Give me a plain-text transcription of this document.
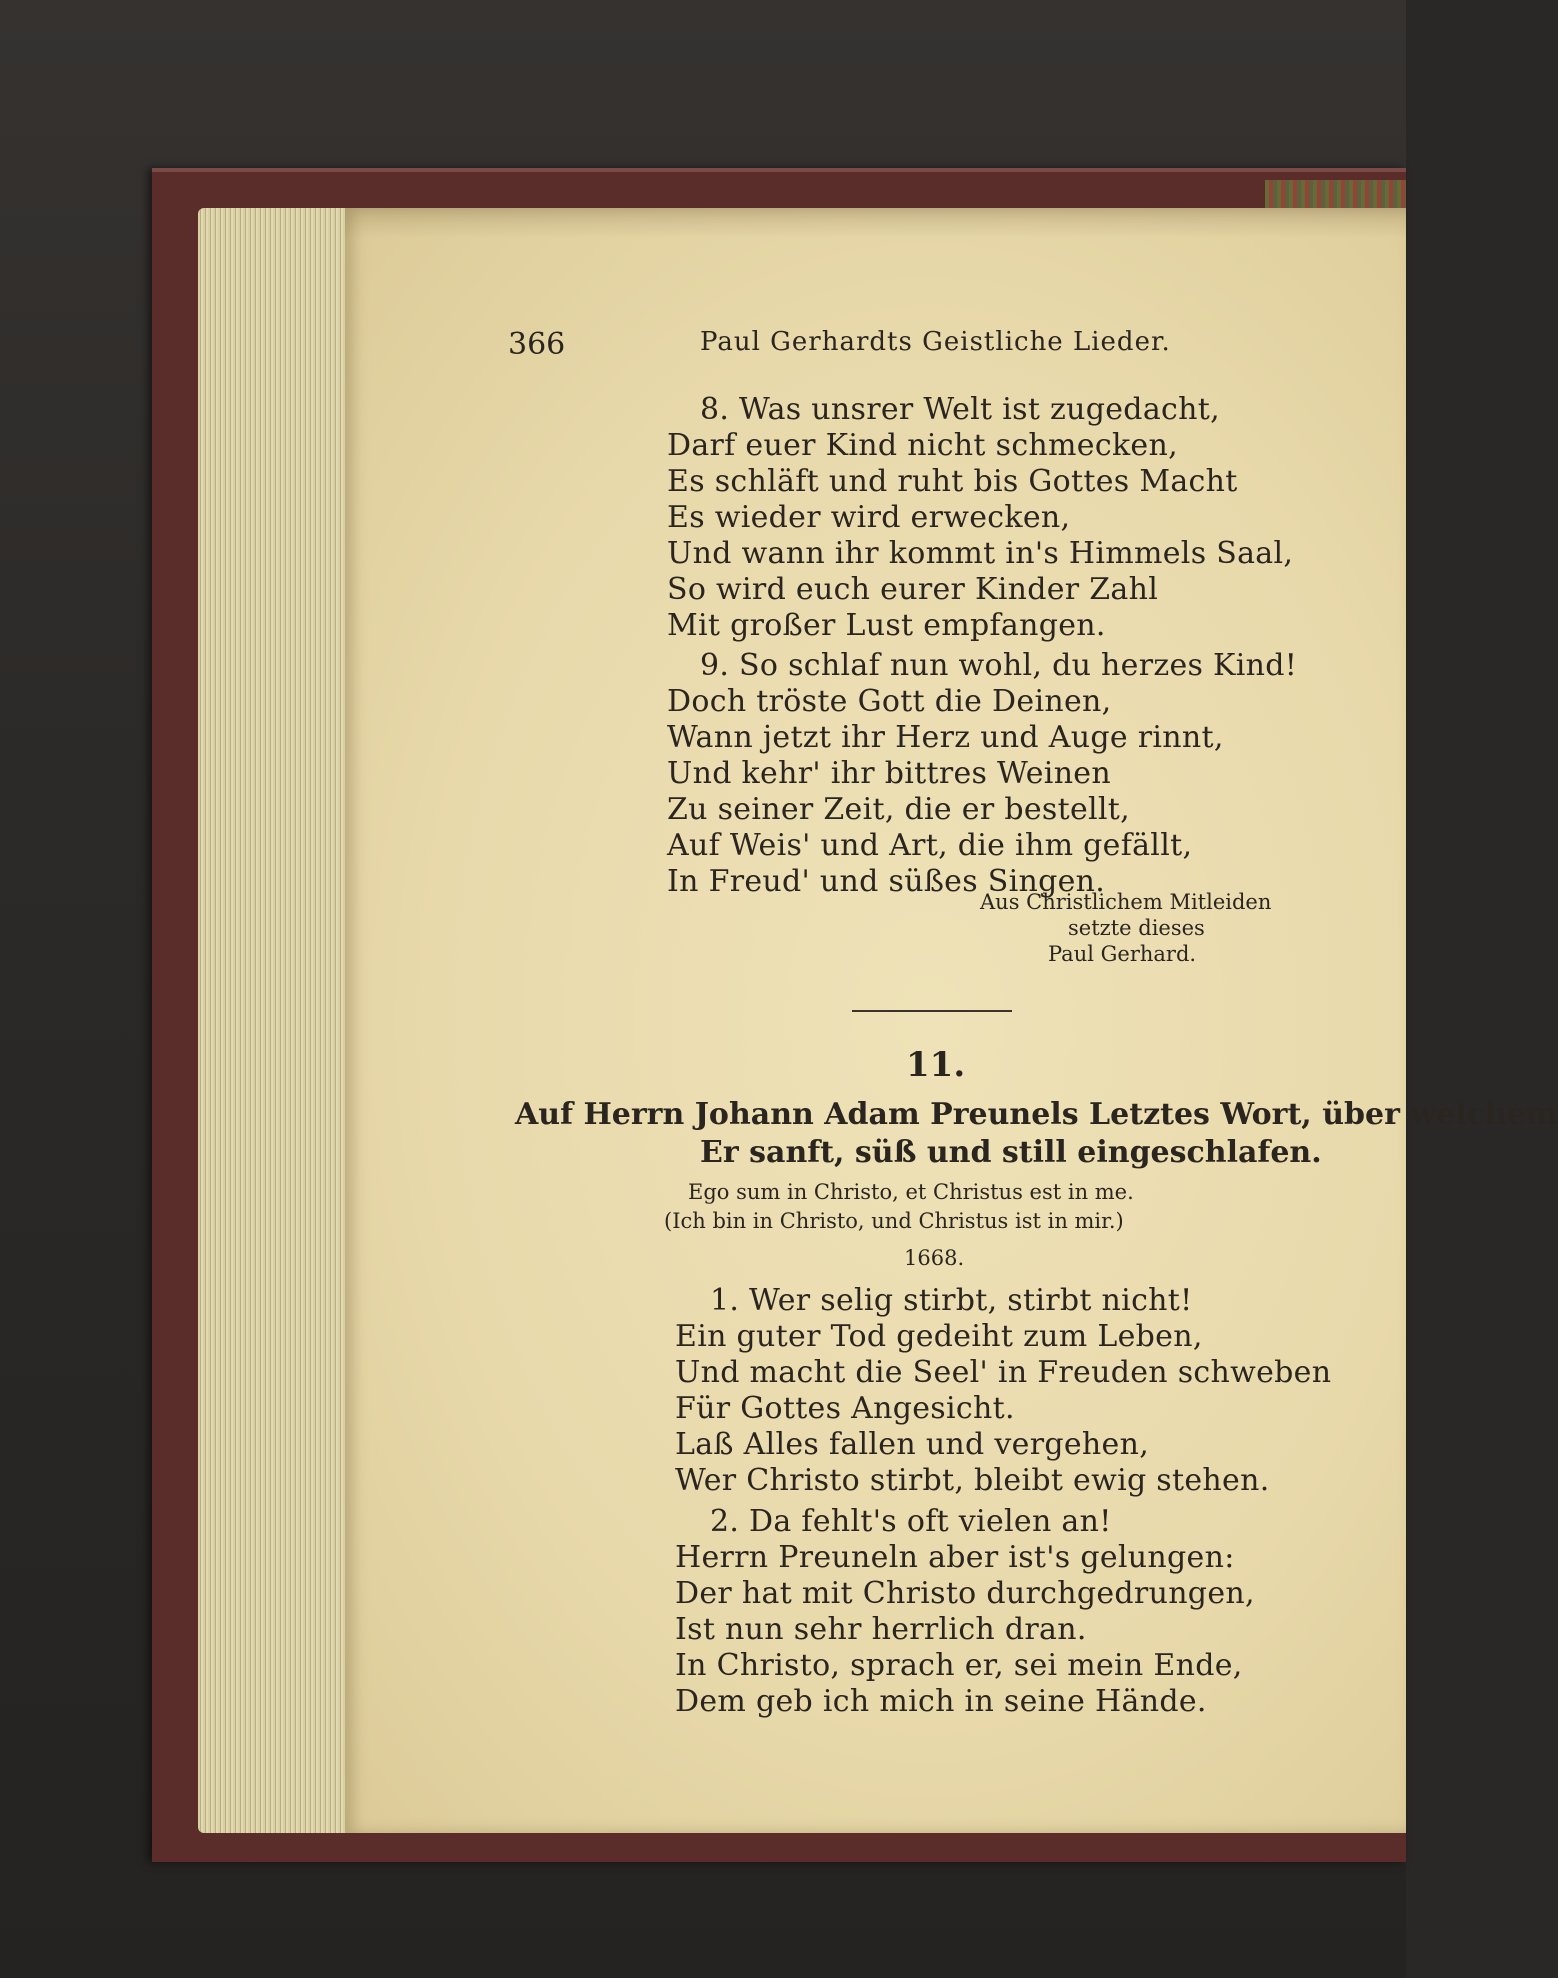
366	Paul Gerhardts Geistliche Lieder.
8. Was unsrer Welt ist zugedacht,
Darf euer Kind nicht schmecken,
Es schläft und ruht bis Gottes Macht
Es wieder wird erwecken,
Und wann ihr kommt in's Himmels Saal,
So wird euch eurer Kinder Zahl
Mit großer Lust empfangen.
9. So schlaf nun wohl, du herzes Kind!
Doch tröste Gott die Deinen,
Wann jetzt ihr Herz und Auge rinnt,
Und kehr' ihr bittres Weinen
Zu seiner Zeit, die er bestellt,
Auf Weis' und Art, die ihm gefällt,
In Freud' und süßes Singen.
Aus Christlichem Mitleiden
setzte dieses
Paul Gerhard.
11.
Auf Herrn Johann Adam Preunels Letztes Wort, über welchem
Er sanft, süß und still eingeschlafen.
Ego sum in Christo, et Christus est in me.
(Ich bin in Christo, und Christus ist in mir.)
1668.
1. Wer selig stirbt, stirbt nicht!
Ein guter Tod gedeiht zum Leben,
Und macht die Seel' in Freuden schweben
Für Gottes Angesicht.
Laß Alles fallen und vergehen,
Wer Christo stirbt, bleibt ewig stehen.
2. Da fehlt's oft vielen an!
Herrn Preuneln aber ist's gelungen:
Der hat mit Christo durchgedrungen,
Ist nun sehr herrlich dran.
In Christo, sprach er, sei mein Ende,
Dem geb ich mich in seine Hände.
